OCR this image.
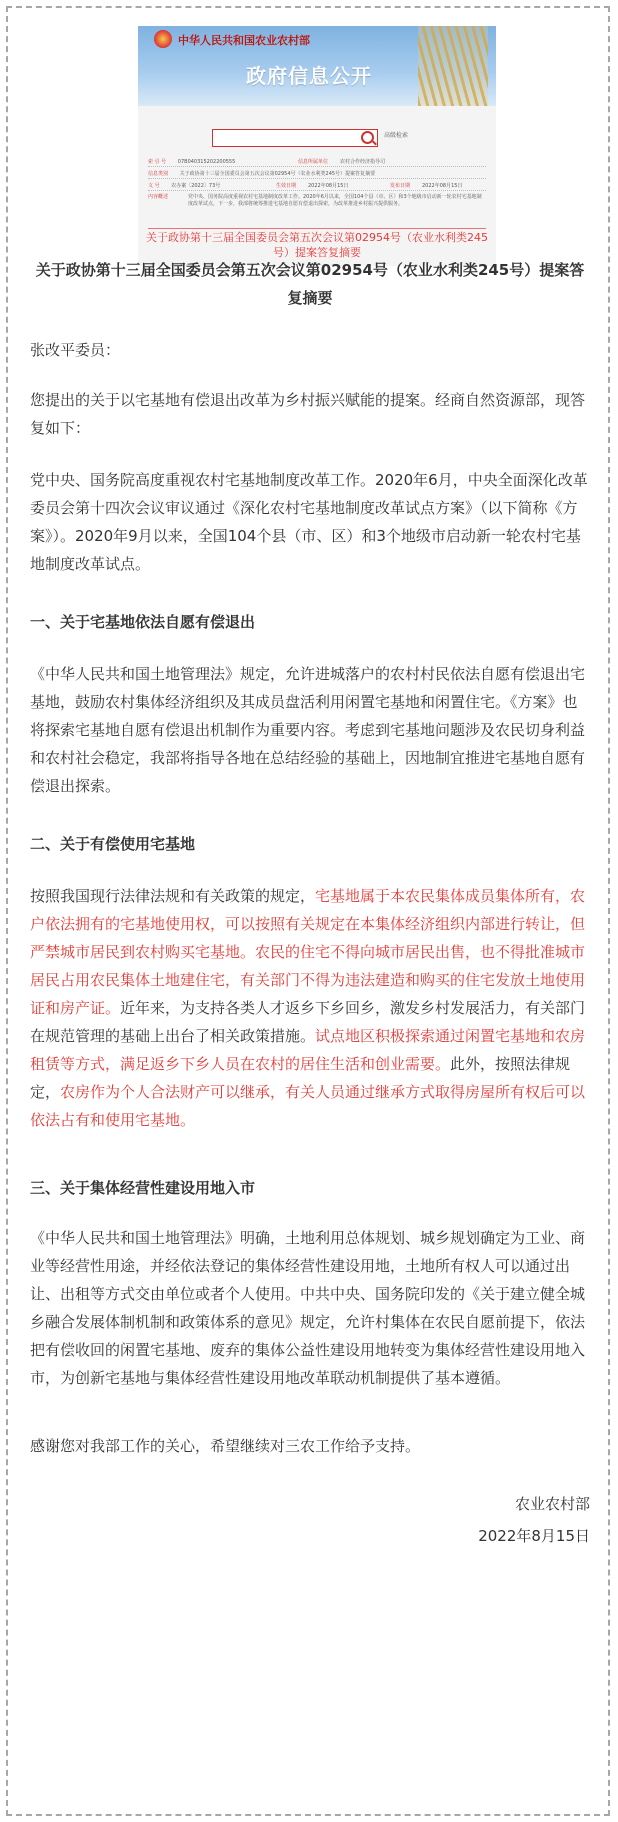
中华人民共和国农业农村部
政府信息公开
高级检索
索 引 号 07B040315202200555	信息所属单位 农村合作经济指导司
信息类别 关于政协第十三届全国委员会第五次会议第02954号（农业水利类245号）提案答复摘要
文 号 农办案〔2022〕73号	生效日期 2022年08月15日	发布日期 2022年08月15日
内容概述	党中央、国务院高度重视农村宅基地制度改革工作。2020年6月以来，全国104个县（市、区）和3个地级市启动新一轮农村宅基地制度改革试点，下一步，我部将统筹推进宅基地自愿有偿退出探索，为改革推进乡村振兴提供服务。
关于政协第十三届全国委员会第五次会议第02954号（农业水利类245号）提案答复摘要
关于政协第十三届全国委员会第五次会议第02954号（农业水利类245号）提案答复摘要
张改平委员：
您提出的关于以宅基地有偿退出改革为乡村振兴赋能的提案。经商自然资源部，现答复如下：
党中央、国务院高度重视农村宅基地制度改革工作。2020年6月，中央全面深化改革委员会第十四次会议审议通过《深化农村宅基地制度改革试点方案》（以下简称《方案》）。2020年9月以来，全国104个县（市、区）和3个地级市启动新一轮农村宅基地制度改革试点。
一、关于宅基地依法自愿有偿退出
《中华人民共和国土地管理法》规定，允许进城落户的农村村民依法自愿有偿退出宅基地，鼓励农村集体经济组织及其成员盘活利用闲置宅基地和闲置住宅。《方案》也将探索宅基地自愿有偿退出机制作为重要内容。考虑到宅基地问题涉及农民切身利益和农村社会稳定，我部将指导各地在总结经验的基础上，因地制宜推进宅基地自愿有偿退出探索。
二、关于有偿使用宅基地
按照我国现行法律法规和有关政策的规定，宅基地属于本农民集体成员集体所有，农户依法拥有的宅基地使用权，可以按照有关规定在本集体经济组织内部进行转让，但严禁城市居民到农村购买宅基地。农民的住宅不得向城市居民出售，也不得批准城市居民占用农民集体土地建住宅，有关部门不得为违法建造和购买的住宅发放土地使用证和房产证。近年来，为支持各类人才返乡下乡回乡，激发乡村发展活力，有关部门在规范管理的基础上出台了相关政策措施。试点地区积极探索通过闲置宅基地和农房租赁等方式，满足返乡下乡人员在农村的居住生活和创业需要。此外，按照法律规定，农房作为个人合法财产可以继承，有关人员通过继承方式取得房屋所有权后可以依法占有和使用宅基地。
三、关于集体经营性建设用地入市
《中华人民共和国土地管理法》明确，土地利用总体规划、城乡规划确定为工业、商业等经营性用途，并经依法登记的集体经营性建设用地，土地所有权人可以通过出让、出租等方式交由单位或者个人使用。中共中央、国务院印发的《关于建立健全城乡融合发展体制机制和政策体系的意见》规定，允许村集体在农民自愿前提下，依法把有偿收回的闲置宅基地、废弃的集体公益性建设用地转变为集体经营性建设用地入市，为创新宅基地与集体经营性建设用地改革联动机制提供了基本遵循。
感谢您对我部工作的关心，希望继续对三农工作给予支持。
农业农村部
2022年8月15日
